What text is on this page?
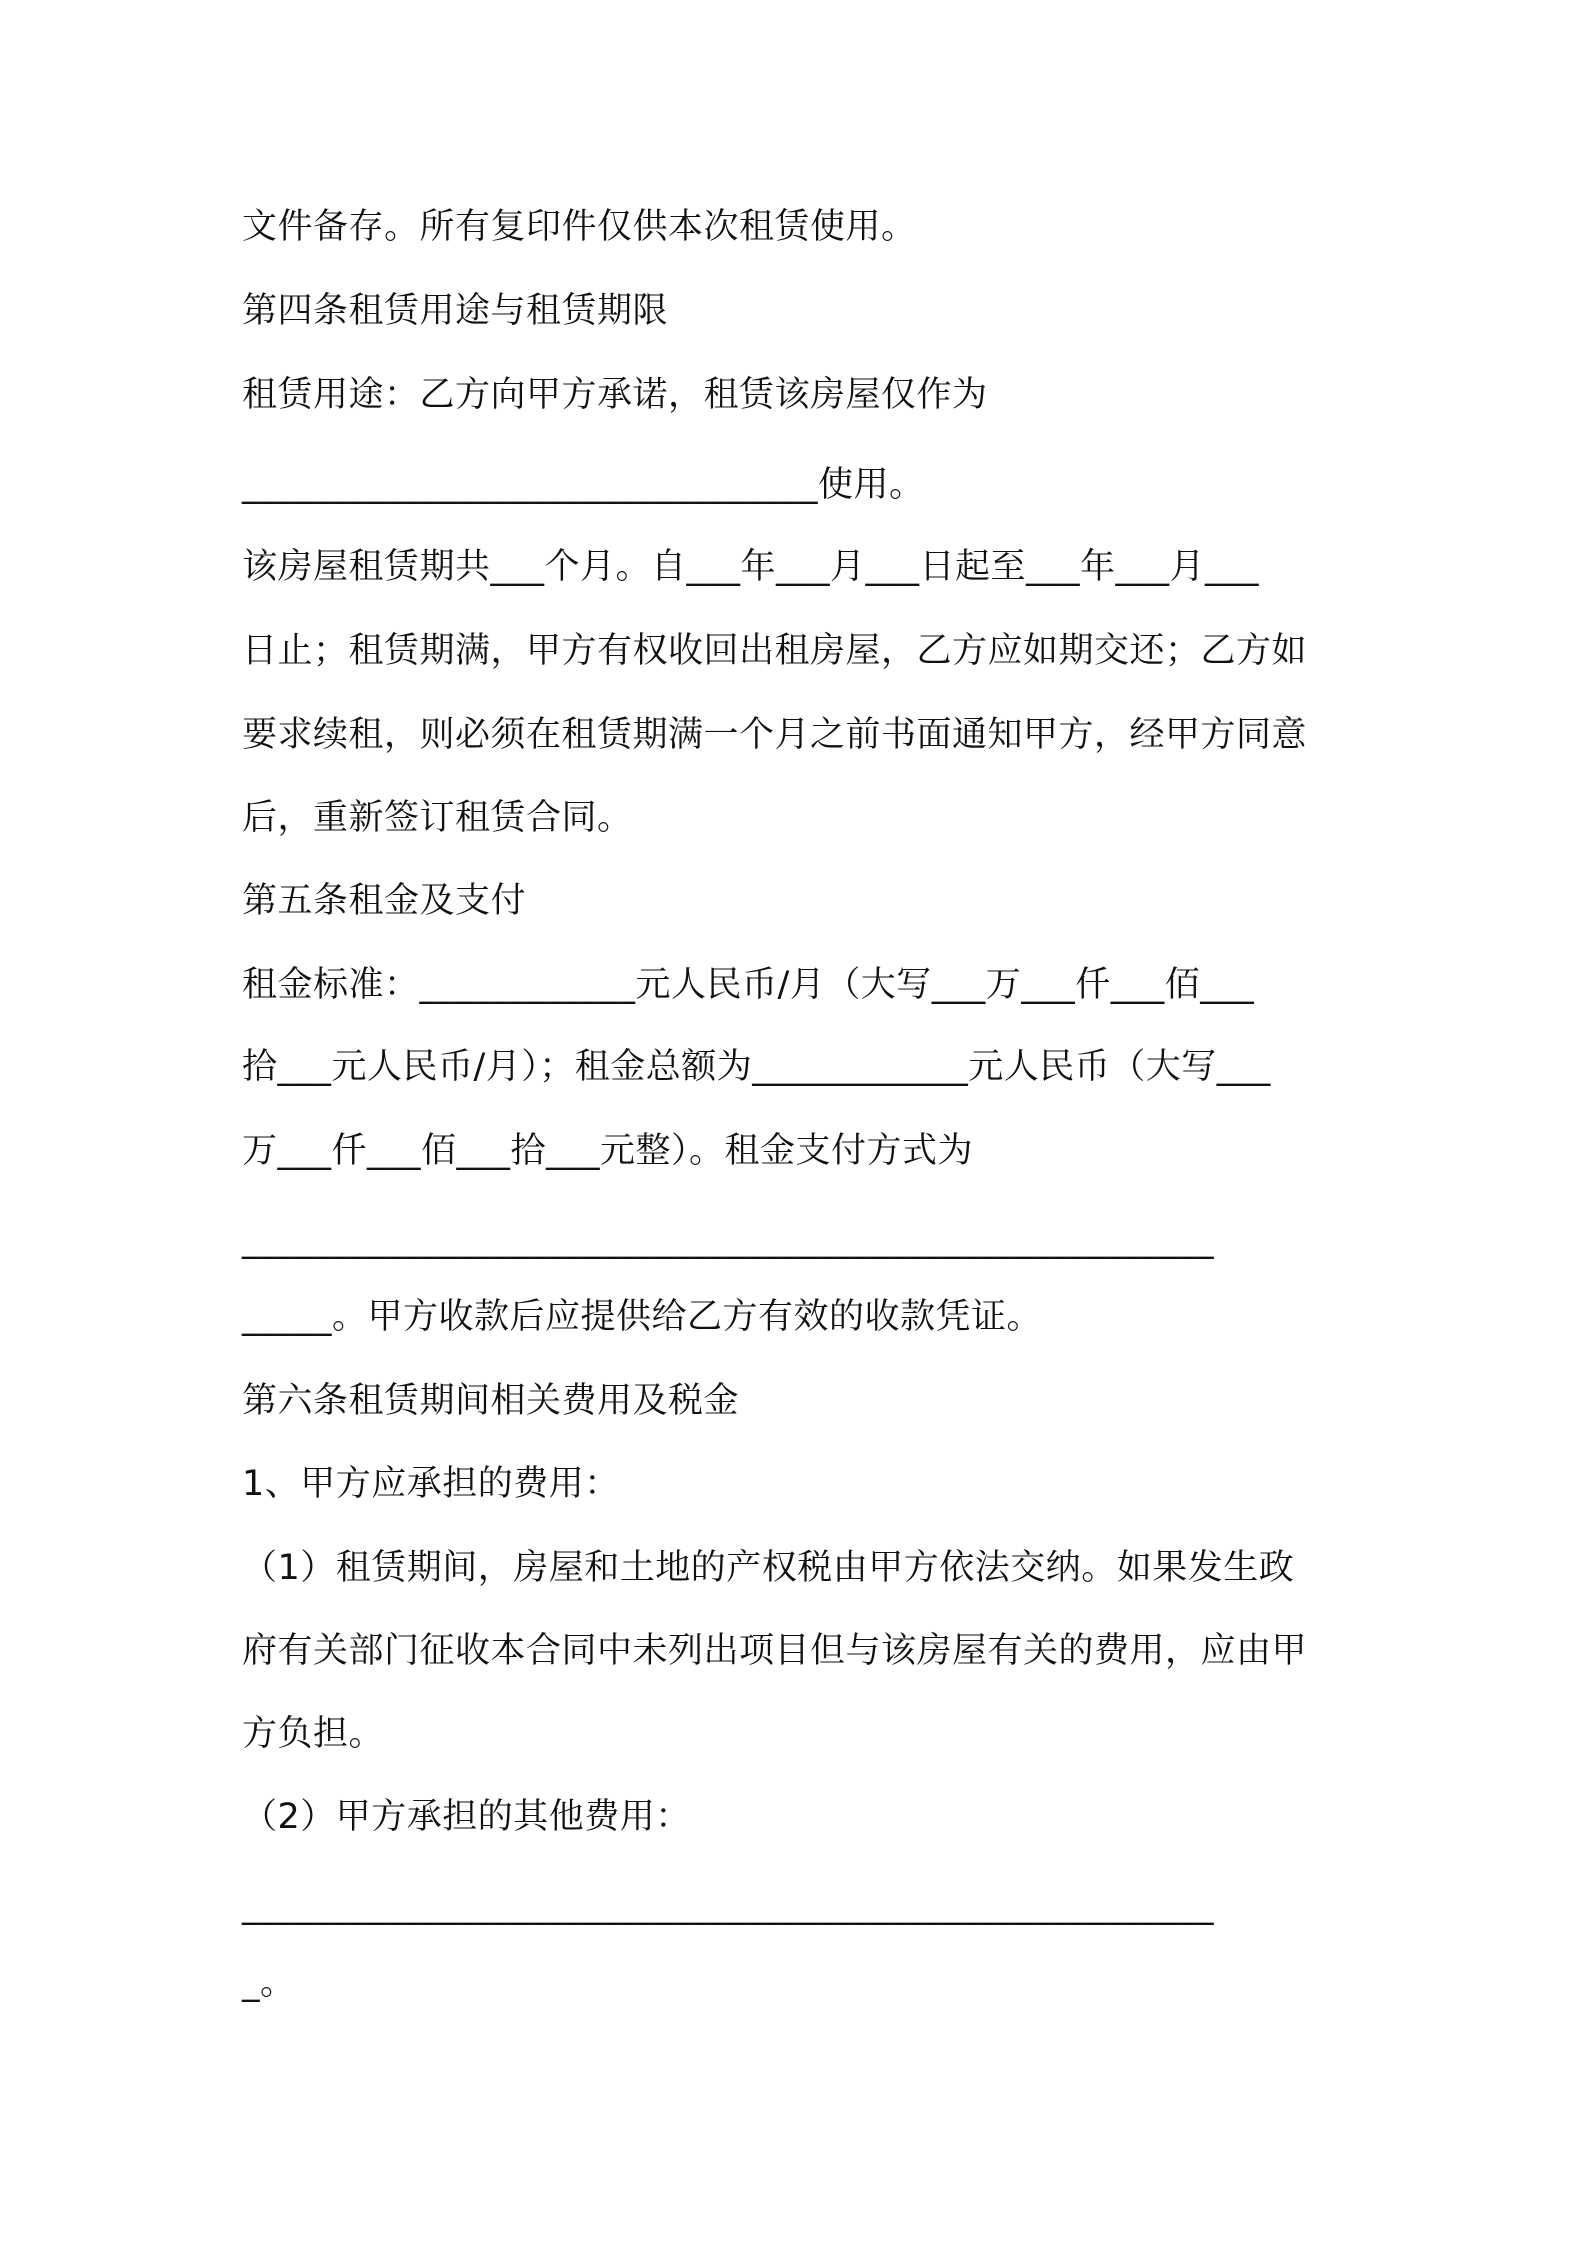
文件备存。所有复印件仅供本次租赁使用。
第四条租赁用途与租赁期限
租赁用途：乙方向甲方承诺，租赁该房屋仅作为
________________________________使用。
该房屋租赁期共___个月。自___年___月___日起至___年___月___
日止；租赁期满，甲方有权收回出租房屋，乙方应如期交还；乙方如
要求续租，则必须在租赁期满一个月之前书面通知甲方，经甲方同意
后，重新签订租赁合同。
第五条租金及支付
租金标准：____________元人民币/月（大写___万___仟___佰___
拾___元人民币/月）；租金总额为____________元人民币（大写___
万___仟___佰___拾___元整）。租金支付方式为
______________________________________________________
_____。甲方收款后应提供给乙方有效的收款凭证。
第六条租赁期间相关费用及税金
1、甲方应承担的费用：
（1）租赁期间，房屋和土地的产权税由甲方依法交纳。如果发生政
府有关部门征收本合同中未列出项目但与该房屋有关的费用，应由甲
方负担。
（2）甲方承担的其他费用：
______________________________________________________
_。
